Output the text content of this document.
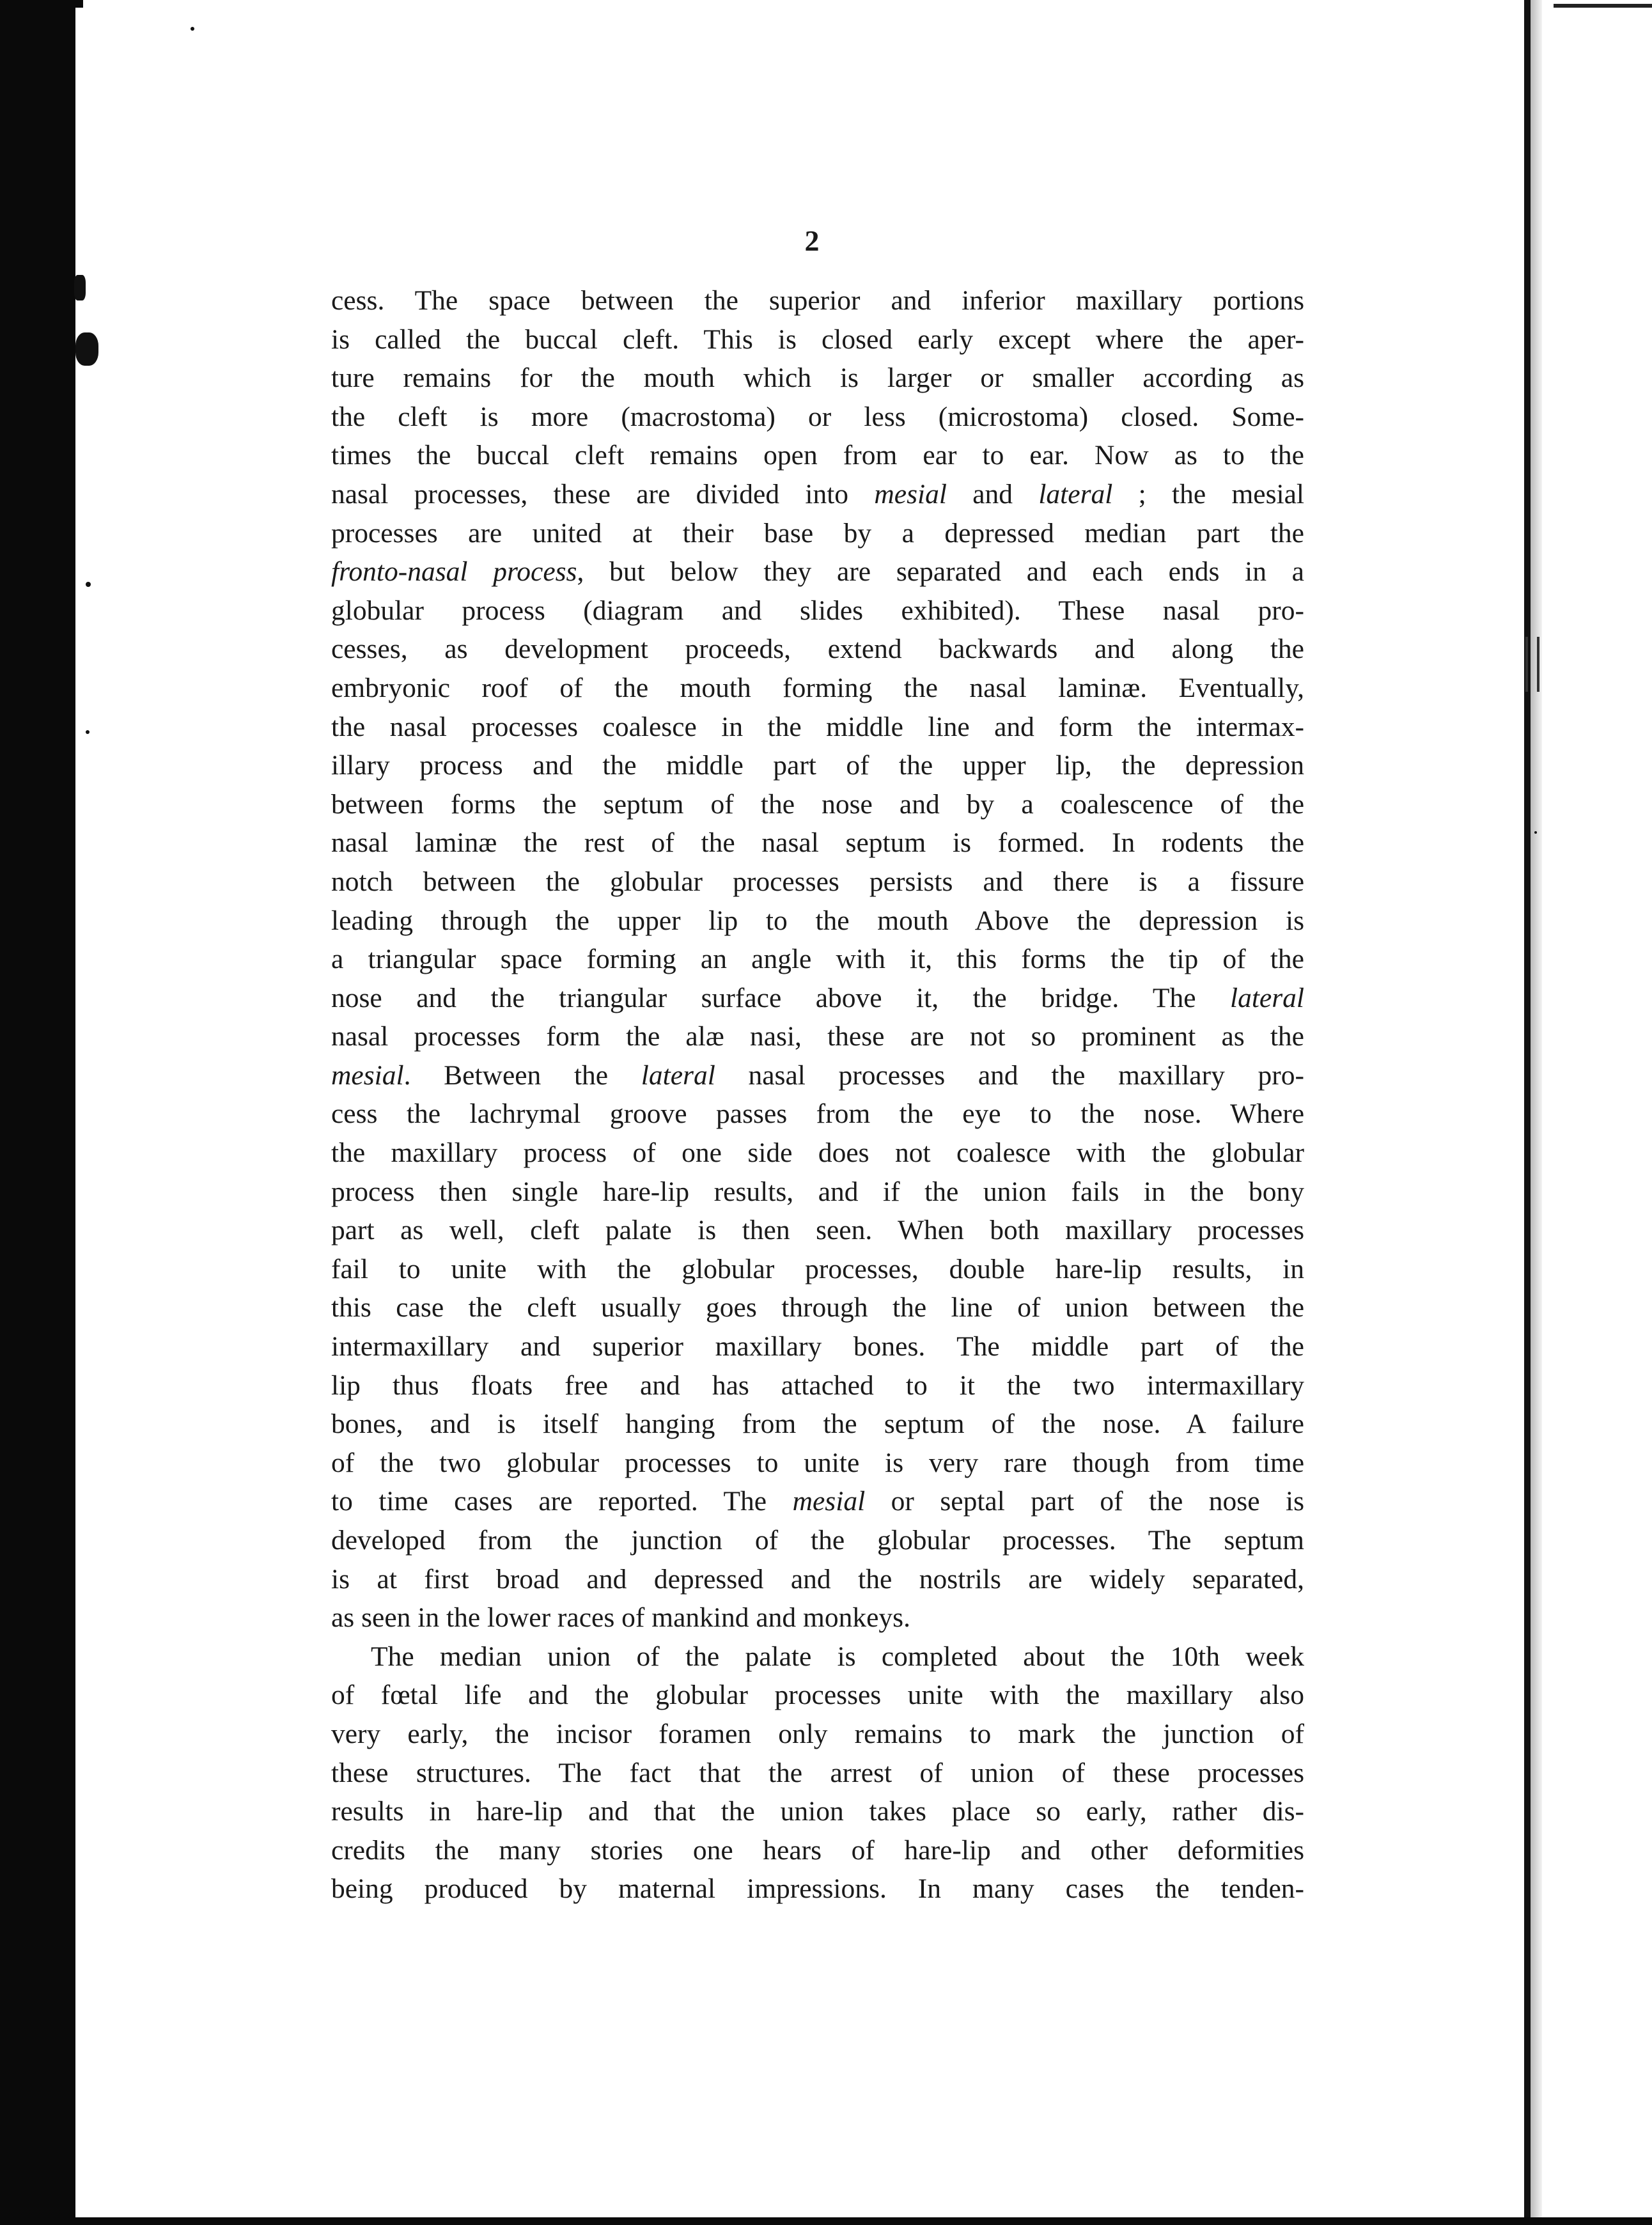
2
cess. The space between the superior and inferior maxillary portions
is called the buccal cleft. This is closed early except where the aper-
ture remains for the mouth which is larger or smaller according as
the cleft is more (macrostoma) or less (microstoma) closed. Some-
times the buccal cleft remains open from ear to ear. Now as to the
nasal processes, these are divided into mesial and lateral ; the mesial
processes are united at their base by a depressed median part the
fronto-nasal process, but below they are separated and each ends in a
globular process (diagram and slides exhibited). These nasal pro-
cesses, as development proceeds, extend backwards and along the
embryonic roof of the mouth forming the nasal laminæ. Eventually,
the nasal processes coalesce in the middle line and form the intermax-
illary process and the middle part of the upper lip, the depression
between forms the septum of the nose and by a coalescence of the
nasal laminæ the rest of the nasal septum is formed. In rodents the
notch between the globular processes persists and there is a fissure
leading through the upper lip to the mouth Above the depression is
a triangular space forming an angle with it, this forms the tip of the
nose and the triangular surface above it, the bridge. The lateral
nasal processes form the alæ nasi, these are not so prominent as the
mesial. Between the lateral nasal processes and the maxillary pro-
cess the lachrymal groove passes from the eye to the nose. Where
the maxillary process of one side does not coalesce with the globular
process then single hare-lip results, and if the union fails in the bony
part as well, cleft palate is then seen. When both maxillary processes
fail to unite with the globular processes, double hare-lip results, in
this case the cleft usually goes through the line of union between the
intermaxillary and superior maxillary bones. The middle part of the
lip thus floats free and has attached to it the two intermaxillary
bones, and is itself hanging from the septum of the nose. A failure
of the two globular processes to unite is very rare though from time
to time cases are reported. The mesial or septal part of the nose is
developed from the junction of the globular processes. The septum
is at first broad and depressed and the nostrils are widely separated,
as seen in the lower races of mankind and monkeys.
The median union of the palate is completed about the 10th week
of fœtal life and the globular processes unite with the maxillary also
very early, the incisor foramen only remains to mark the junction of
these structures. The fact that the arrest of union of these processes
results in hare-lip and that the union takes place so early, rather dis-
credits the many stories one hears of hare-lip and other deformities
being produced by maternal impressions. In many cases the tenden-
